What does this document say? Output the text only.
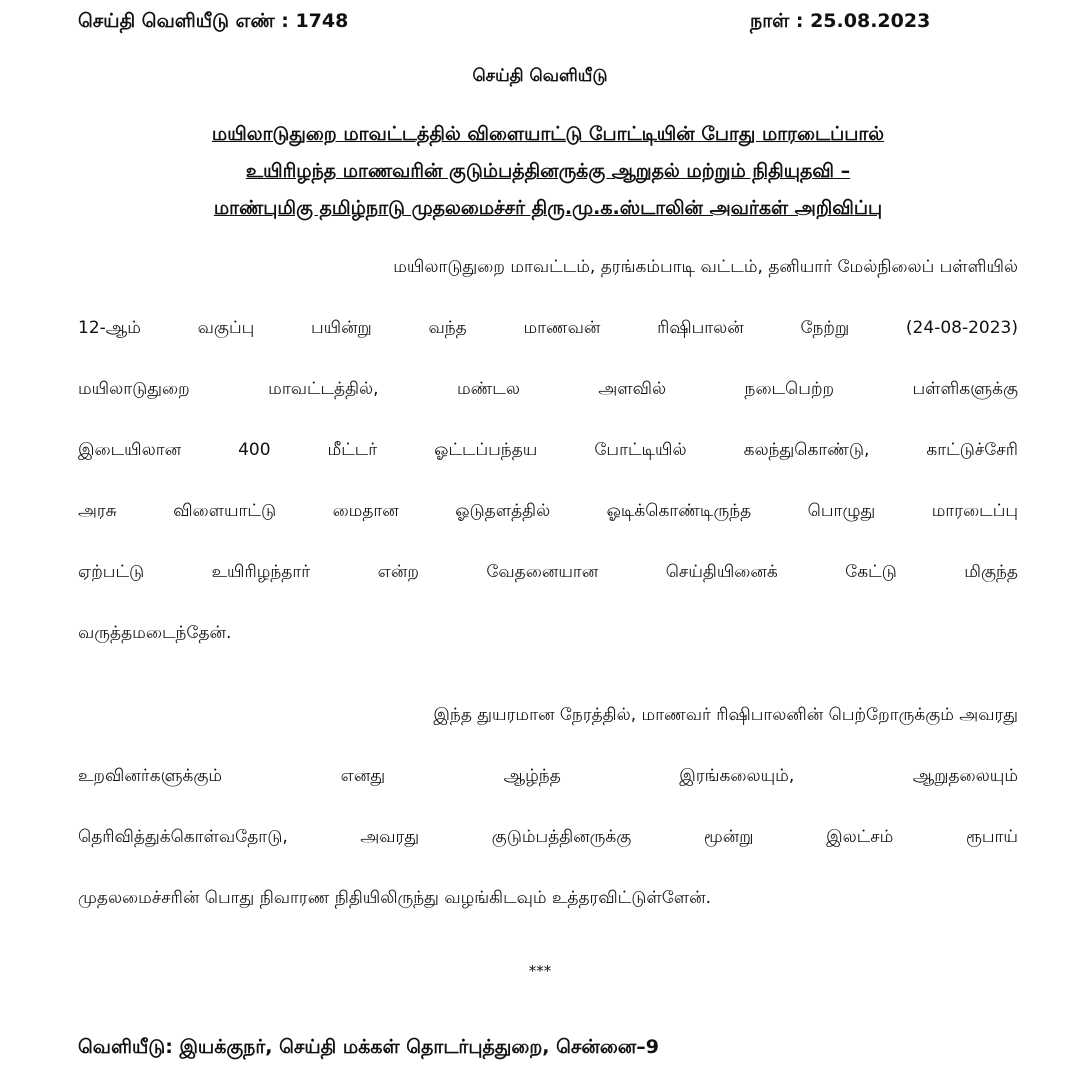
செய்தி வெளியீடு எண் : 1748	நாள் : 25.08.2023
செய்தி வெளியீடு
மயிலாடுதுறை மாவட்டத்தில் விளையாட்டு போட்டியின் போது மாரடைப்பால்
உயிரிழந்த மாணவரின் குடும்பத்தினருக்கு ஆறுதல் மற்றும் நிதியுதவி –
மாண்புமிகு தமிழ்நாடு முதலமைச்சர் திரு.மு.க.ஸ்டாலின் அவர்கள் அறிவிப்பு
மயிலாடுதுறை மாவட்டம், தரங்கம்பாடி வட்டம், தனியார் மேல்நிலைப் பள்ளியில்
12-ஆம் வகுப்பு பயின்று வந்த மாணவன் ரிஷிபாலன் நேற்று (24-08-2023)
மயிலாடுதுறை மாவட்டத்தில், மண்டல அளவில் நடைபெற்ற பள்ளிகளுக்கு
இடையிலான 400 மீட்டர் ஓட்டப்பந்தய போட்டியில் கலந்துகொண்டு, காட்டுச்சேரி
அரசு விளையாட்டு மைதான ஓடுதளத்தில் ஓடிக்கொண்டிருந்த பொழுது மாரடைப்பு
ஏற்பட்டு உயிரிழந்தார் என்ற வேதனையான செய்தியினைக் கேட்டு மிகுந்த
வருத்தமடைந்தேன்.
இந்த துயரமான நேரத்தில், மாணவர் ரிஷிபாலனின் பெற்றோருக்கும் அவரது
உறவினர்களுக்கும் எனது ஆழ்ந்த இரங்கலையும், ஆறுதலையும்
தெரிவித்துக்கொள்வதோடு, அவரது குடும்பத்தினருக்கு மூன்று இலட்சம் ரூபாய்
முதலமைச்சரின் பொது நிவாரண நிதியிலிருந்து வழங்கிடவும் உத்தரவிட்டுள்ளேன்.
***
வெளியீடு: இயக்குநர், செய்தி மக்கள் தொடர்புத்துறை, சென்னை–9
